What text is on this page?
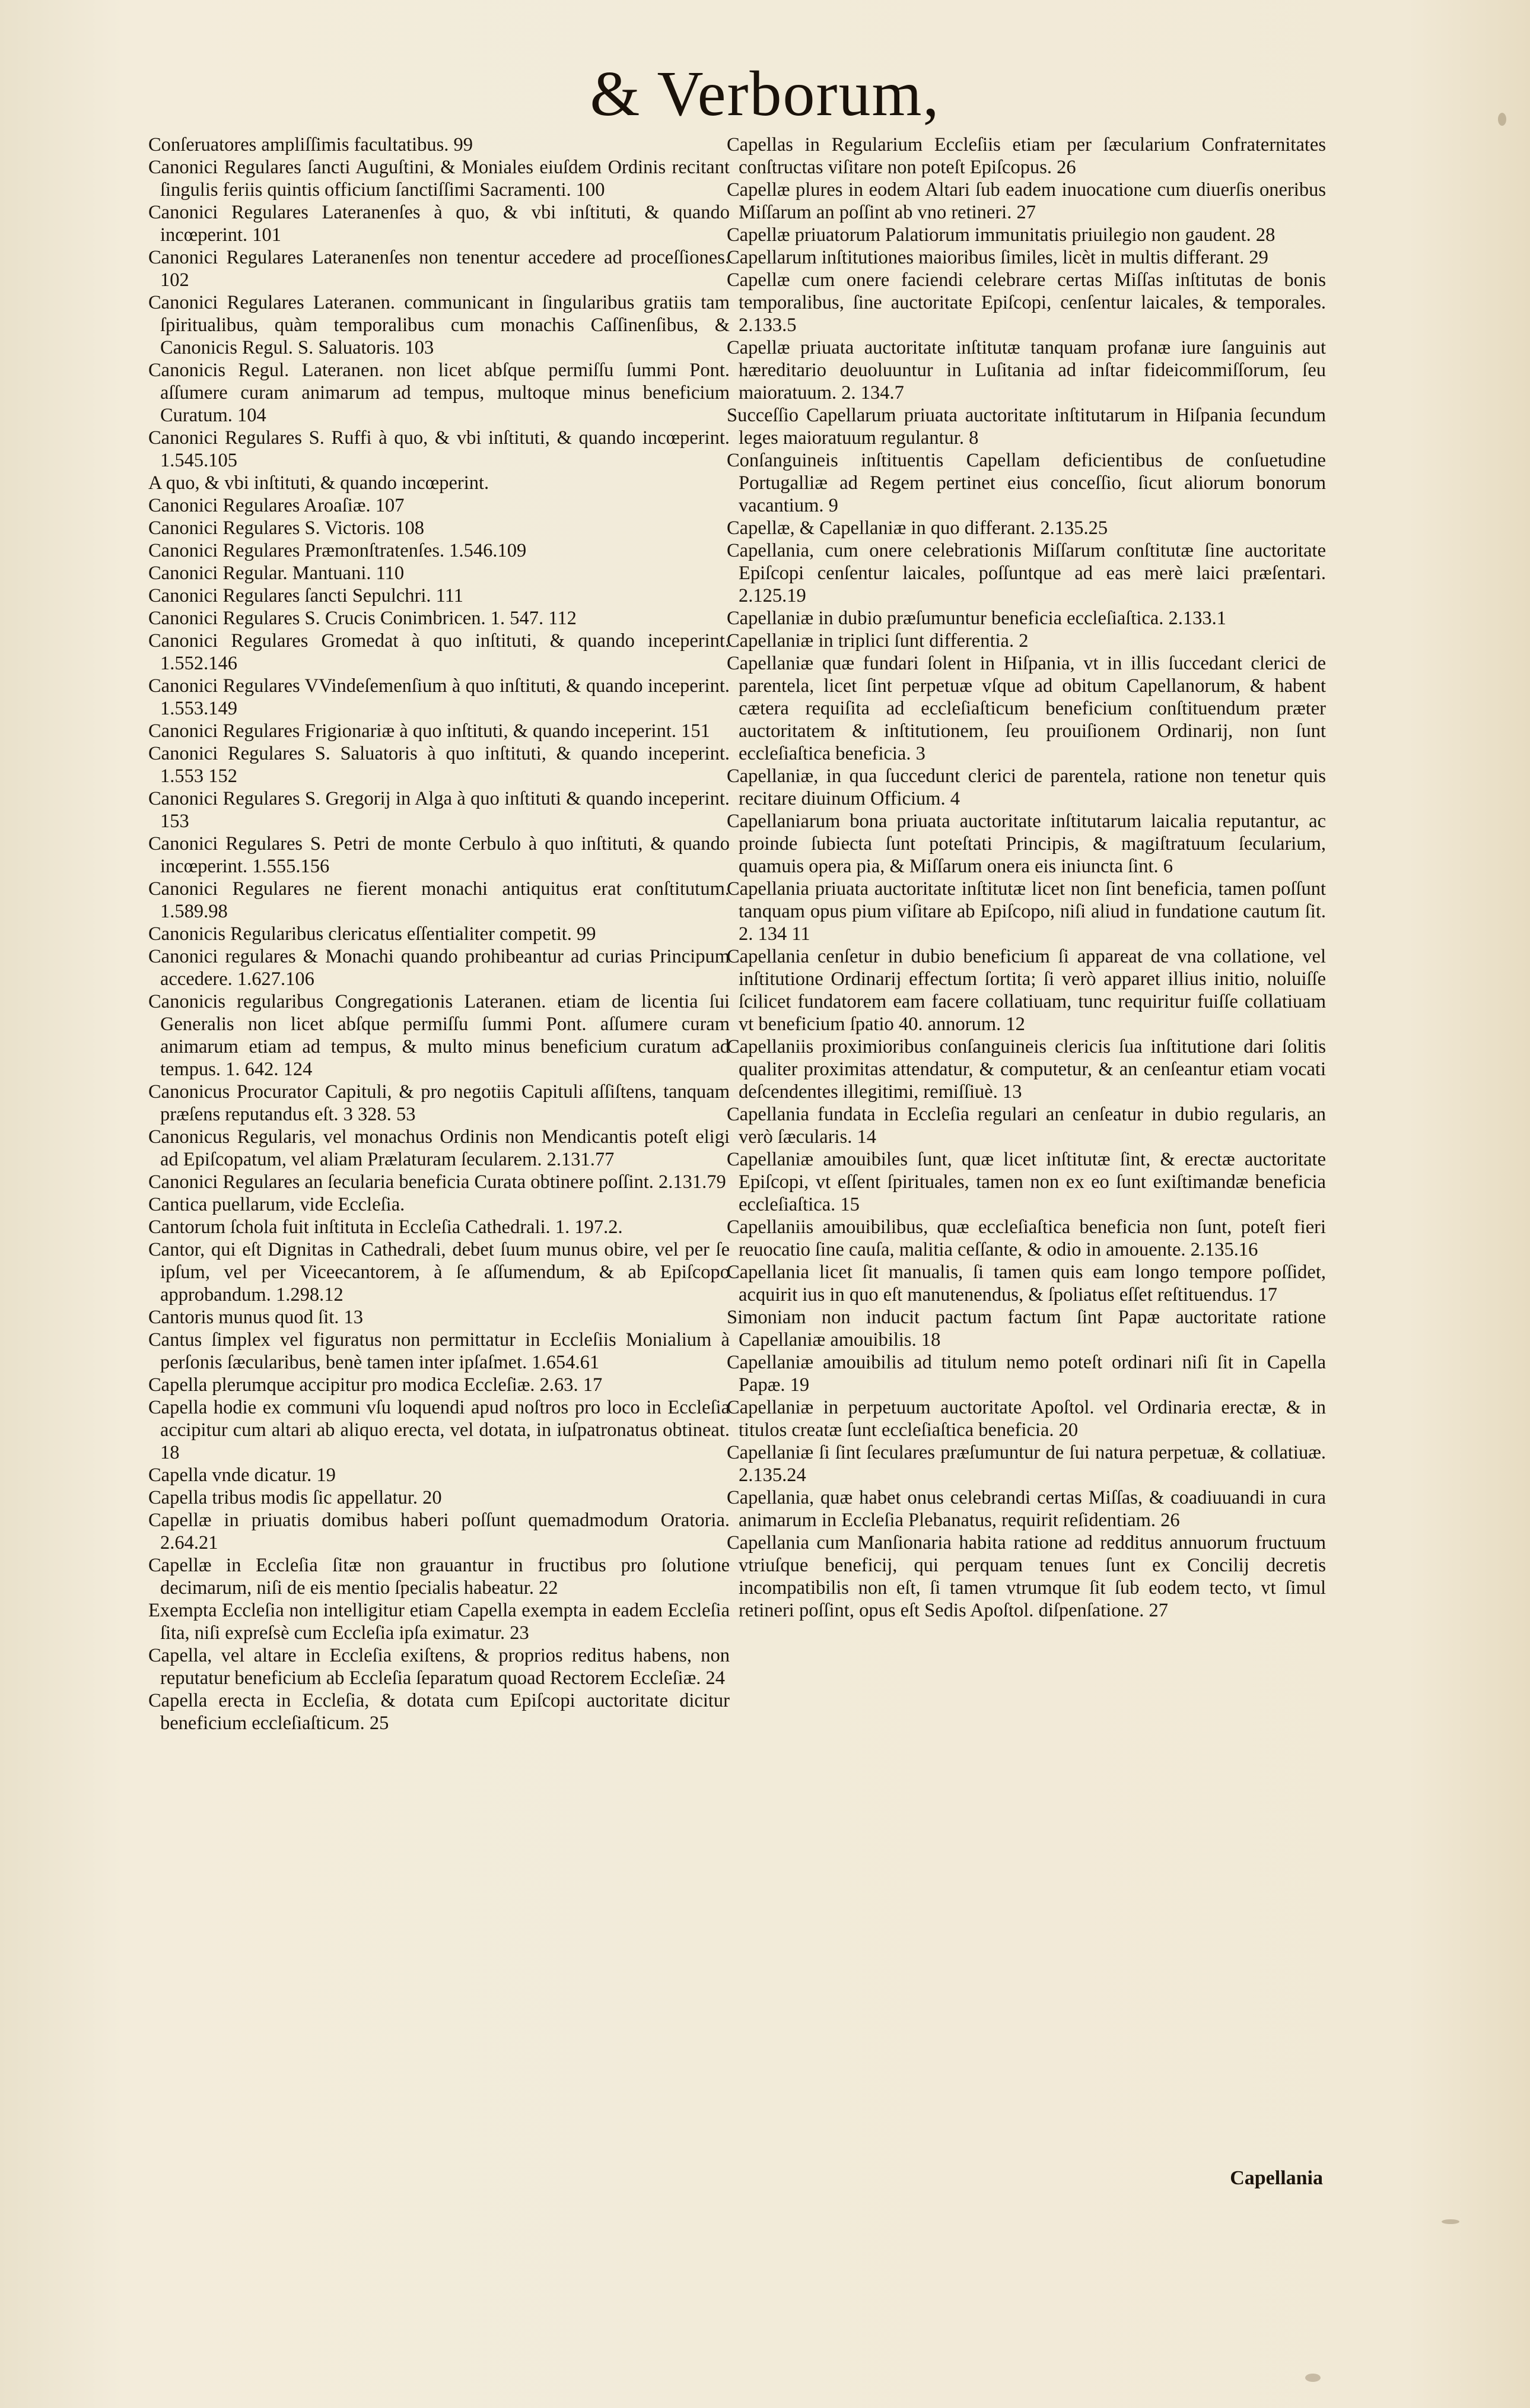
& Verborum,
Conſeruatores ampliſſimis facultatibus. 99
Canonici Regulares ſancti Auguſtini, & Moniales eiuſdem Ordinis recitant ſingulis feriis quintis officium ſanctiſſimi Sacramenti. 100
Canonici Regulares Lateranenſes à quo, & vbi inſtituti, & quando incœperint. 101
Canonici Regulares Lateranenſes non tenentur accedere ad proceſſiones. 102
Canonici Regulares Lateranen. communicant in ſingularibus gratiis tam ſpiritualibus, quàm temporalibus cum monachis Caſſinenſibus, & Canonicis Regul. S. Saluatoris. 103
Canonicis Regul. Lateranen. non licet abſque permiſſu ſummi Pont. aſſumere curam animarum ad tempus, multoque minus beneficium Curatum. 104
Canonici Regulares S. Ruffi à quo, & vbi inſtituti, & quando incœperint. 1.545.105
A quo, & vbi inſtituti, & quando incœperint.
Canonici Regulares Aroaſiæ. 107
Canonici Regulares S. Victoris. 108
Canonici Regulares Præmonſtratenſes. 1.546.109
Canonici Regular. Mantuani. 110
Canonici Regulares ſancti Sepulchri. 111
Canonici Regulares S. Crucis Conimbricen. 1. 547. 112
Canonici Regulares Gromedat à quo inſtituti, & quando inceperint. 1.552.146
Canonici Regulares VVindeſemenſium à quo inſtituti, & quando inceperint. 1.553.149
Canonici Regulares Frigionariæ à quo inſtituti, & quando inceperint. 151
Canonici Regulares S. Saluatoris à quo inſtituti, & quando inceperint. 1.553 152
Canonici Regulares S. Gregorij in Alga à quo inſtituti & quando inceperint. 153
Canonici Regulares S. Petri de monte Cerbulo à quo inſtituti, & quando incœperint. 1.555.156
Canonici Regulares ne fierent monachi antiquitus erat conſtitutum. 1.589.98
Canonicis Regularibus clericatus eſſentialiter competit. 99
Canonici regulares & Monachi quando prohibeantur ad curias Principum accedere. 1.627.106
Canonicis regularibus Congregationis Lateranen. etiam de licentia ſui Generalis non licet abſque permiſſu ſummi Pont. aſſumere curam animarum etiam ad tempus, & multo minus beneficium curatum ad tempus. 1. 642. 124
Canonicus Procurator Capituli, & pro negotiis Capituli aſſiſtens, tanquam præſens reputandus eſt. 3 328. 53
Canonicus Regularis, vel monachus Ordinis non Mendicantis poteſt eligi ad Epiſcopatum, vel aliam Prælaturam ſecularem. 2.131.77
Canonici Regulares an ſecularia beneficia Curata obtinere poſſint. 2.131.79
Cantica puellarum, vide Eccleſia.
Cantorum ſchola fuit inſtituta in Eccleſia Cathedrali. 1. 197.2.
Cantor, qui eſt Dignitas in Cathedrali, debet ſuum munus obire, vel per ſe ipſum, vel per Viceecantorem, à ſe aſſumendum, & ab Epiſcopo approbandum. 1.298.12
Cantoris munus quod ſit. 13
Cantus ſimplex vel figuratus non permittatur in Eccleſiis Monialium à perſonis ſæcularibus, benè tamen inter ipſaſmet. 1.654.61
Capella plerumque accipitur pro modica Eccleſiæ. 2.63. 17
Capella hodie ex communi vſu loquendi apud noſtros pro loco in Eccleſia accipitur cum altari ab aliquo erecta, vel dotata, in iuſpatronatus obtineat. 18
Capella vnde dicatur. 19
Capella tribus modis ſic appellatur. 20
Capellæ in priuatis domibus haberi poſſunt quemadmodum Oratoria. 2.64.21
Capellæ in Eccleſia ſitæ non grauantur in fructibus pro ſolutione decimarum, niſi de eis mentio ſpecialis habeatur. 22
Exempta Eccleſia non intelligitur etiam Capella exempta in eadem Eccleſia ſita, niſi expreſsè cum Eccleſia ipſa eximatur. 23
Capella, vel altare in Eccleſia exiſtens, & proprios reditus habens, non reputatur beneficium ab Eccleſia ſeparatum quoad Rectorem Eccleſiæ. 24
Capella erecta in Eccleſia, & dotata cum Epiſcopi auctoritate dicitur beneficium eccleſiaſticum. 25
Capellas in Regularium Eccleſiis etiam per ſæcularium Confraternitates conſtructas viſitare non poteſt Epiſcopus. 26
Capellæ plures in eodem Altari ſub eadem inuocatione cum diuerſis oneribus Miſſarum an poſſint ab vno retineri. 27
Capellæ priuatorum Palatiorum immunitatis priuilegio non gaudent. 28
Capellarum inſtitutiones maioribus ſimiles, licèt in multis differant. 29
Capellæ cum onere faciendi celebrare certas Miſſas inſtitutas de bonis temporalibus, ſine auctoritate Epiſcopi, cenſentur laicales, & temporales. 2.133.5
Capellæ priuata auctoritate inſtitutæ tanquam profanæ iure ſanguinis aut hæreditario deuoluuntur in Luſitania ad inſtar fideicommiſſorum, ſeu maioratuum. 2. 134.7
Succeſſio Capellarum priuata auctoritate inſtitutarum in Hiſpania ſecundum leges maioratuum regulantur. 8
Conſanguineis inſtituentis Capellam deficientibus de conſuetudine Portugalliæ ad Regem pertinet eius conceſſio, ſicut aliorum bonorum vacantium. 9
Capellæ, & Capellaniæ in quo differant. 2.135.25
Capellania, cum onere celebrationis Miſſarum conſtitutæ ſine auctoritate Epiſcopi cenſentur laicales, poſſuntque ad eas merè laici præſentari. 2.125.19
Capellaniæ in dubio præſumuntur beneficia eccleſiaſtica. 2.133.1
Capellaniæ in triplici ſunt differentia. 2
Capellaniæ quæ fundari ſolent in Hiſpania, vt in illis ſuccedant clerici de parentela, licet ſint perpetuæ vſque ad obitum Capellanorum, & habent cætera requiſita ad eccleſiaſticum beneficium conſtituendum præter auctoritatem & inſtitutionem, ſeu prouiſionem Ordinarij, non ſunt eccleſiaſtica beneficia. 3
Capellaniæ, in qua ſuccedunt clerici de parentela, ratione non tenetur quis recitare diuinum Officium. 4
Capellaniarum bona priuata auctoritate inſtitutarum laicalia reputantur, ac proinde ſubiecta ſunt poteſtati Principis, & magiſtratuum ſecularium, quamuis opera pia, & Miſſarum onera eis iniuncta ſint. 6
Capellania priuata auctoritate inſtitutæ licet non ſint beneficia, tamen poſſunt tanquam opus pium viſitare ab Epiſcopo, niſi aliud in fundatione cautum ſit. 2. 134 11
Capellania cenſetur in dubio beneficium ſi appareat de vna collatione, vel inſtitutione Ordinarij effectum ſortita; ſi verò apparet illius initio, noluiſſe ſcilicet fundatorem eam facere collatiuam, tunc requiritur fuiſſe collatiuam vt beneficium ſpatio 40. annorum. 12
Capellaniis proximioribus conſanguineis clericis ſua inſtitutione dari ſolitis qualiter proximitas attendatur, & computetur, & an cenſeantur etiam vocati deſcendentes illegitimi, remiſſiuè. 13
Capellania fundata in Eccleſia regulari an cenſeatur in dubio regularis, an verò ſæcularis. 14
Capellaniæ amouibiles ſunt, quæ licet inſtitutæ ſint, & erectæ auctoritate Epiſcopi, vt eſſent ſpirituales, tamen non ex eo ſunt exiſtimandæ beneficia eccleſiaſtica. 15
Capellaniis amouibilibus, quæ eccleſiaſtica beneficia non ſunt, poteſt fieri reuocatio ſine cauſa, malitia ceſſante, & odio in amouente. 2.135.16
Capellania licet ſit manualis, ſi tamen quis eam longo tempore poſſidet, acquirit ius in quo eſt manutenendus, & ſpoliatus eſſet reſtituendus. 17
Simoniam non inducit pactum factum ſint Papæ auctoritate ratione Capellaniæ amouibilis. 18
Capellaniæ amouibilis ad titulum nemo poteſt ordinari niſi ſit in Capella Papæ. 19
Capellaniæ in perpetuum auctoritate Apoſtol. vel Ordinaria erectæ, & in titulos creatæ ſunt eccleſiaſtica beneficia. 20
Capellaniæ ſi ſint ſeculares præſumuntur de ſui natura perpetuæ, & collatiuæ. 2.135.24
Capellania, quæ habet onus celebrandi certas Miſſas, & coadiuuandi in cura animarum in Eccleſia Plebanatus, requirit reſidentiam. 26
Capellania cum Manſionaria habita ratione ad redditus annuorum fructuum vtriuſque beneficij, qui perquam tenues ſunt ex Concilij decretis incompatibilis non eſt, ſi tamen vtrumque ſit ſub eodem tecto, vt ſimul retineri poſſint, opus eſt Sedis Apoſtol. diſpenſatione. 27
Capellania
